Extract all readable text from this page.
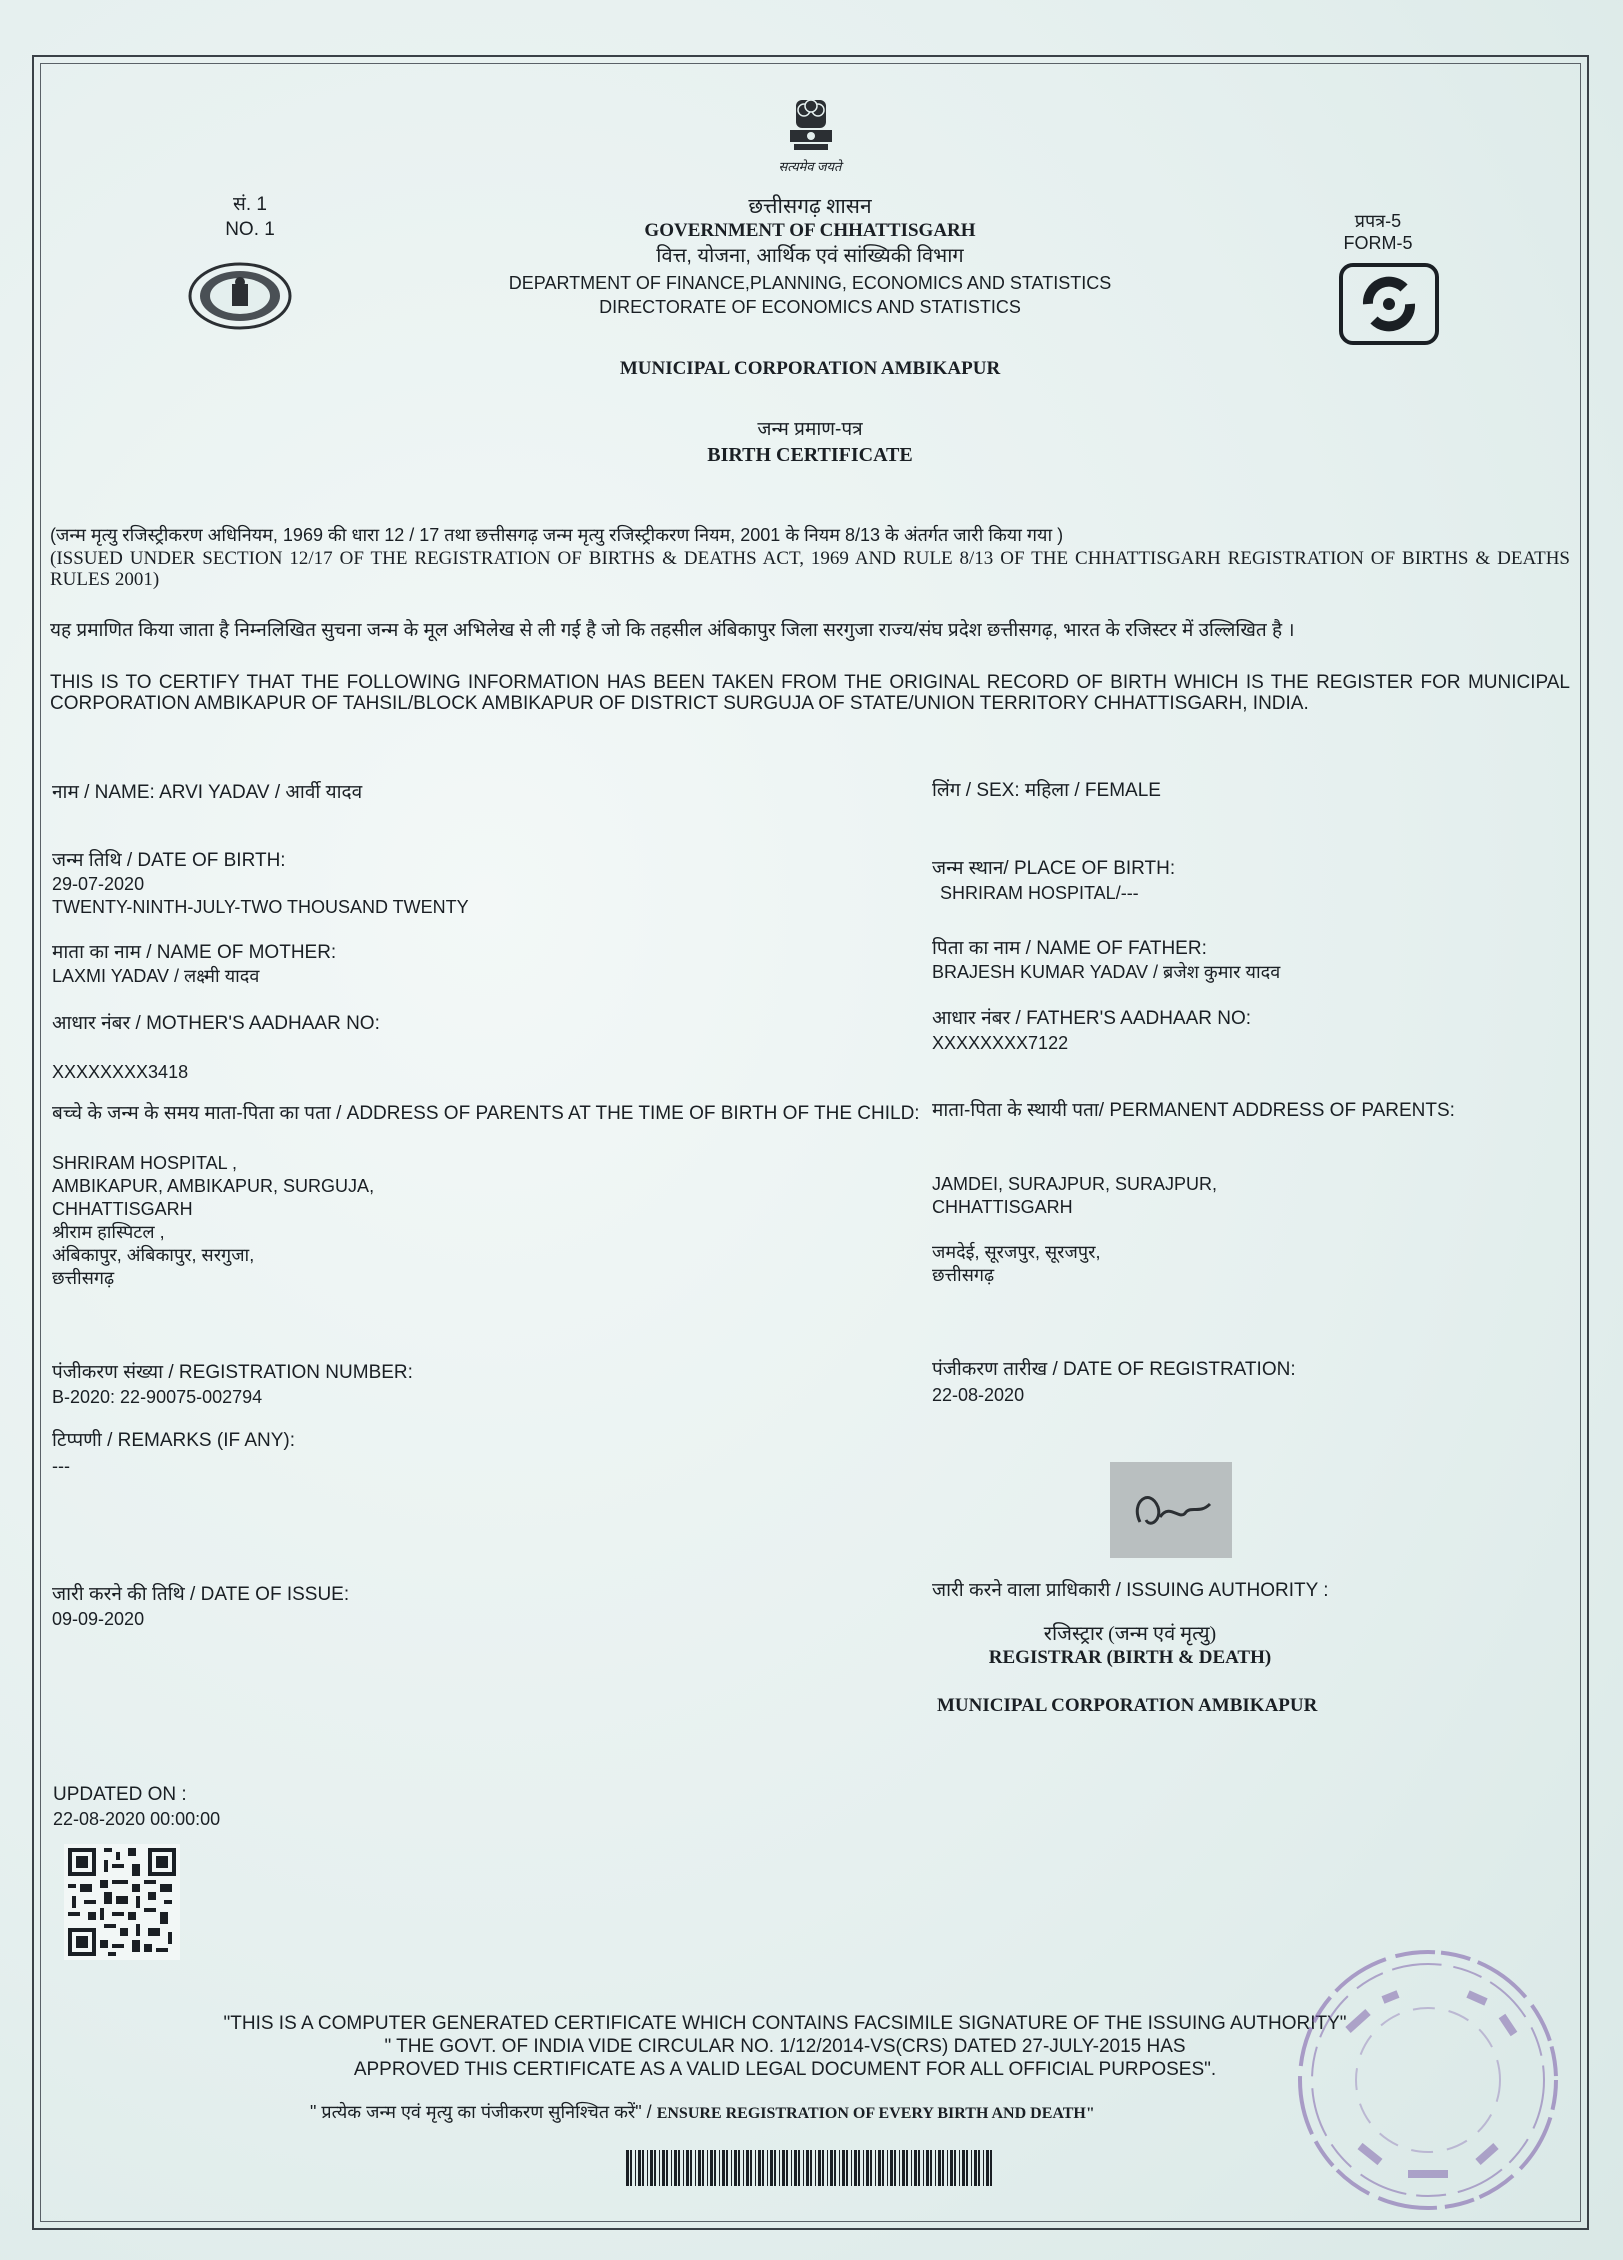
सत्यमेव जयते
सं. 1
NO. 1
छत्तीसगढ़ शासन
GOVERNMENT OF CHHATTISGARH
वित्त, योजना, आर्थिक एवं सांख्यिकी विभाग
DEPARTMENT OF FINANCE,PLANNING, ECONOMICS AND STATISTICS
DIRECTORATE OF ECONOMICS AND STATISTICS
प्रपत्र-5
FORM-5
MUNICIPAL CORPORATION AMBIKAPUR
जन्म प्रमाण-पत्र
BIRTH CERTIFICATE
(जन्म मृत्यु रजिस्ट्रीकरण अधिनियम, 1969 की धारा 12 / 17 तथा छत्तीसगढ़ जन्म मृत्यु रजिस्ट्रीकरण नियम, 2001 के नियम 8/13 के अंतर्गत जारी किया गया )
(ISSUED UNDER SECTION 12/17 OF THE REGISTRATION OF BIRTHS & DEATHS ACT, 1969 AND RULE 8/13 OF THE CHHATTISGARH REGISTRATION OF BIRTHS & DEATHS RULES 2001)
यह प्रमाणित किया जाता है निम्नलिखित सुचना जन्म के मूल अभिलेख से ली गई है जो कि तहसील अंबिकापुर जिला सरगुजा राज्य/संघ प्रदेश छत्तीसगढ़, भारत के रजिस्टर में उल्लिखित है ।
THIS IS TO CERTIFY THAT THE FOLLOWING INFORMATION HAS BEEN TAKEN FROM THE ORIGINAL RECORD OF BIRTH WHICH IS THE REGISTER FOR MUNICIPAL CORPORATION AMBIKAPUR OF TAHSIL/BLOCK AMBIKAPUR OF DISTRICT SURGUJA OF STATE/UNION TERRITORY CHHATTISGARH, INDIA.
नाम / NAME: ARVI YADAV / आर्वी यादव
जन्म तिथि / DATE OF BIRTH:
29-07-2020
TWENTY-NINTH-JULY-TWO THOUSAND TWENTY
माता का नाम / NAME OF MOTHER:
LAXMI YADAV / लक्ष्मी यादव
आधार नंबर / MOTHER'S AADHAAR NO:
XXXXXXXX3418
बच्चे के जन्म के समय माता-पिता का पता / ADDRESS OF PARENTS AT THE TIME OF BIRTH OF THE CHILD:
SHRIRAM HOSPITAL ,
AMBIKAPUR, AMBIKAPUR, SURGUJA,
CHHATTISGARH
श्रीराम हास्पिटल ,
अंबिकापुर, अंबिकापुर, सरगुजा,
छत्तीसगढ़
पंजीकरण संख्या / REGISTRATION NUMBER:
B-2020: 22-90075-002794
टिप्पणी / REMARKS (IF ANY):
---
जारी करने की तिथि / DATE OF ISSUE:
09-09-2020
लिंग / SEX: महिला / FEMALE
जन्म स्थान/ PLACE OF BIRTH:
SHRIRAM HOSPITAL/---
पिता का नाम / NAME OF FATHER:
BRAJESH KUMAR YADAV / ब्रजेश कुमार यादव
आधार नंबर / FATHER'S AADHAAR NO:
XXXXXXXX7122
माता-पिता के स्थायी पता/ PERMANENT ADDRESS OF PARENTS:
JAMDEI, SURAJPUR, SURAJPUR,
CHHATTISGARH
जमदेई, सूरजपुर, सूरजपुर,
छत्तीसगढ़
पंजीकरण तारीख / DATE OF REGISTRATION:
22-08-2020
जारी करने वाला प्राधिकारी / ISSUING AUTHORITY :
रजिस्ट्रार (जन्म एवं मृत्यु)
REGISTRAR (BIRTH & DEATH)
MUNICIPAL CORPORATION AMBIKAPUR
UPDATED ON :
22-08-2020 00:00:00
"THIS IS A COMPUTER GENERATED CERTIFICATE WHICH CONTAINS FACSIMILE SIGNATURE OF THE ISSUING AUTHORITY"
" THE GOVT. OF INDIA VIDE CIRCULAR NO. 1/12/2014-VS(CRS) DATED 27-JULY-2015 HAS
APPROVED THIS CERTIFICATE AS A VALID LEGAL DOCUMENT FOR ALL OFFICIAL PURPOSES".
" प्रत्येक जन्म एवं मृत्यु का पंजीकरण सुनिश्चित करें" / ENSURE REGISTRATION OF EVERY BIRTH AND DEATH"
